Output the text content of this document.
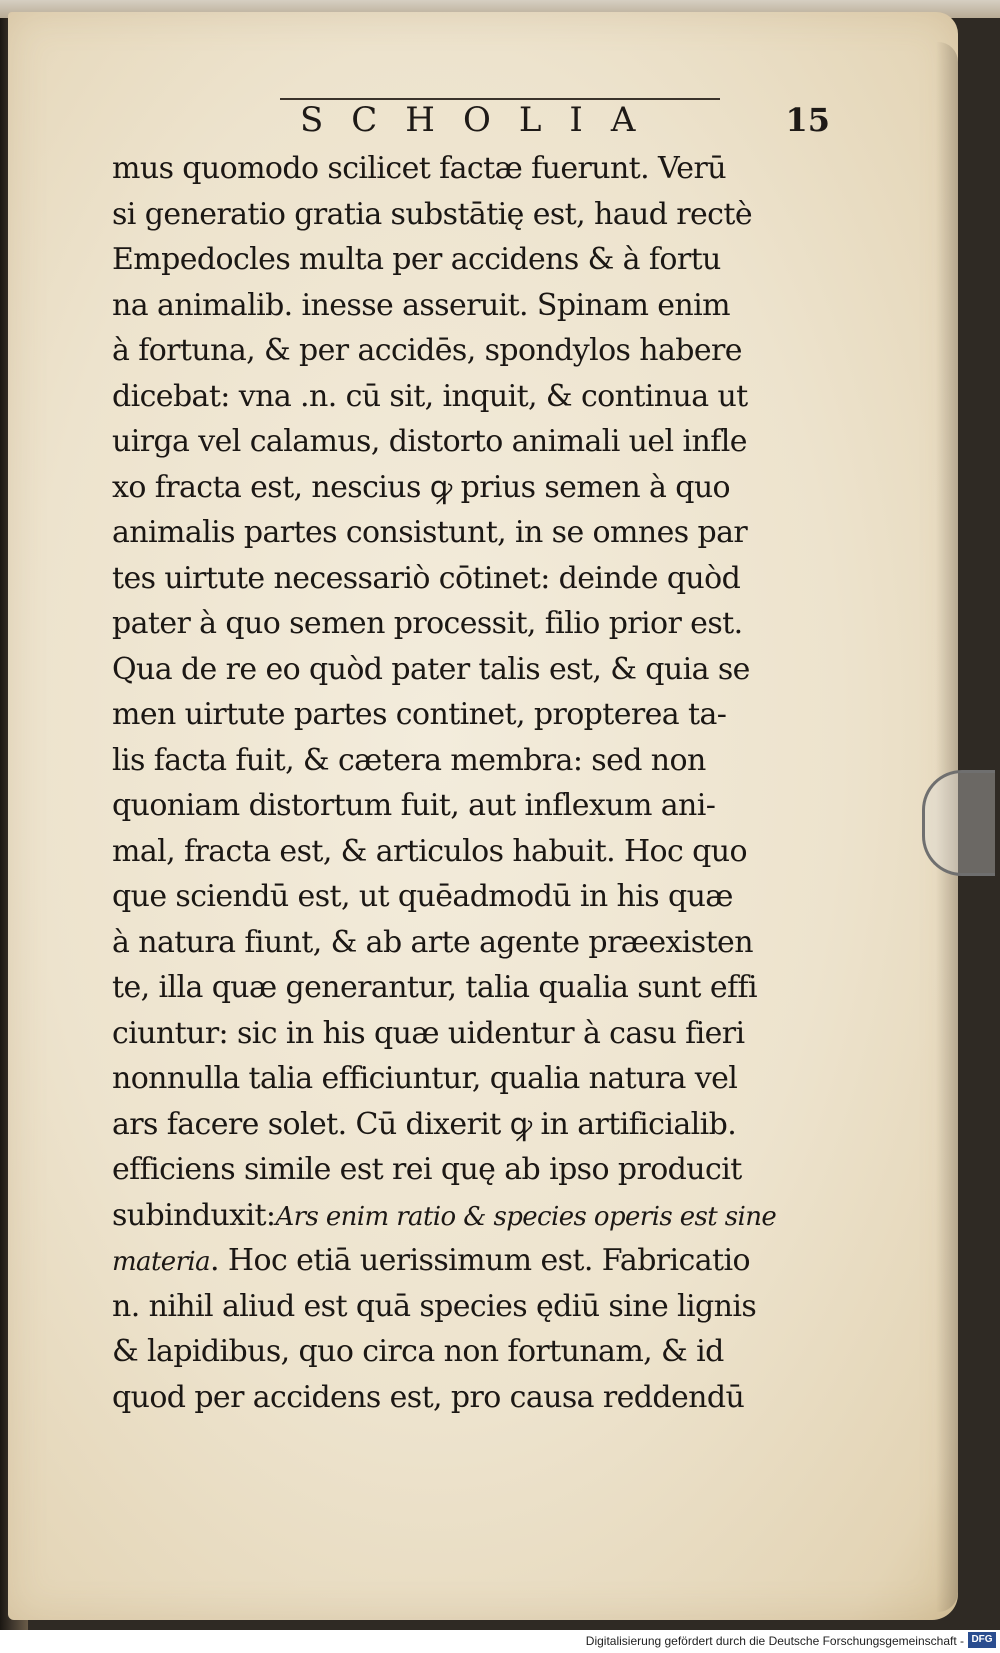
SCHOLIA	15
mus quomodo scilicet factæ fuerunt. Verū
si generatio gratia substātię est, haud rectè
Empedocles multa per accidens & à fortu
na animalib. inesse asseruit. Spinam enim
à fortuna, & per accidēs, spondylos habere
dicebat: vna .n. cū sit, inquit, & continua ut
uirga vel calamus, distorto animali uel infle
xo fracta est, nescius ꝙ prius semen à quo
animalis partes consistunt, in se omnes par
tes uirtute necessariò cōtinet: deinde quòd
pater à quo semen processit, filio prior est.
Qua de re eo quòd pater talis est, & quia se
men uirtute partes continet, propterea ta-
lis facta fuit, & cætera membra: sed non
quoniam distortum fuit, aut inflexum ani-
mal, fracta est, & articulos habuit. Hoc quo
que sciendū est, ut quēadmodū in his quæ
à natura fiunt, & ab arte agente præexisten
te, illa quæ generantur, talia qualia sunt effi
ciuntur: sic in his quæ uidentur à casu fieri
nonnulla talia efficiuntur, qualia natura vel
ars facere solet. Cū dixerit ꝙ in artificialib.
efficiens simile est rei quę ab ipso producit
subinduxit:Ars enim ratio & species operis est sine
materia. Hoc etiā uerissimum est. Fabricatio
n. nihil aliud est quā species ędiū sine lignis
& lapidibus, quo circa non fortunam, & id
quod per accidens est, pro causa reddendū
Digitalisierung gefördert durch die Deutsche Forschungsgemeinschaft - DFG
